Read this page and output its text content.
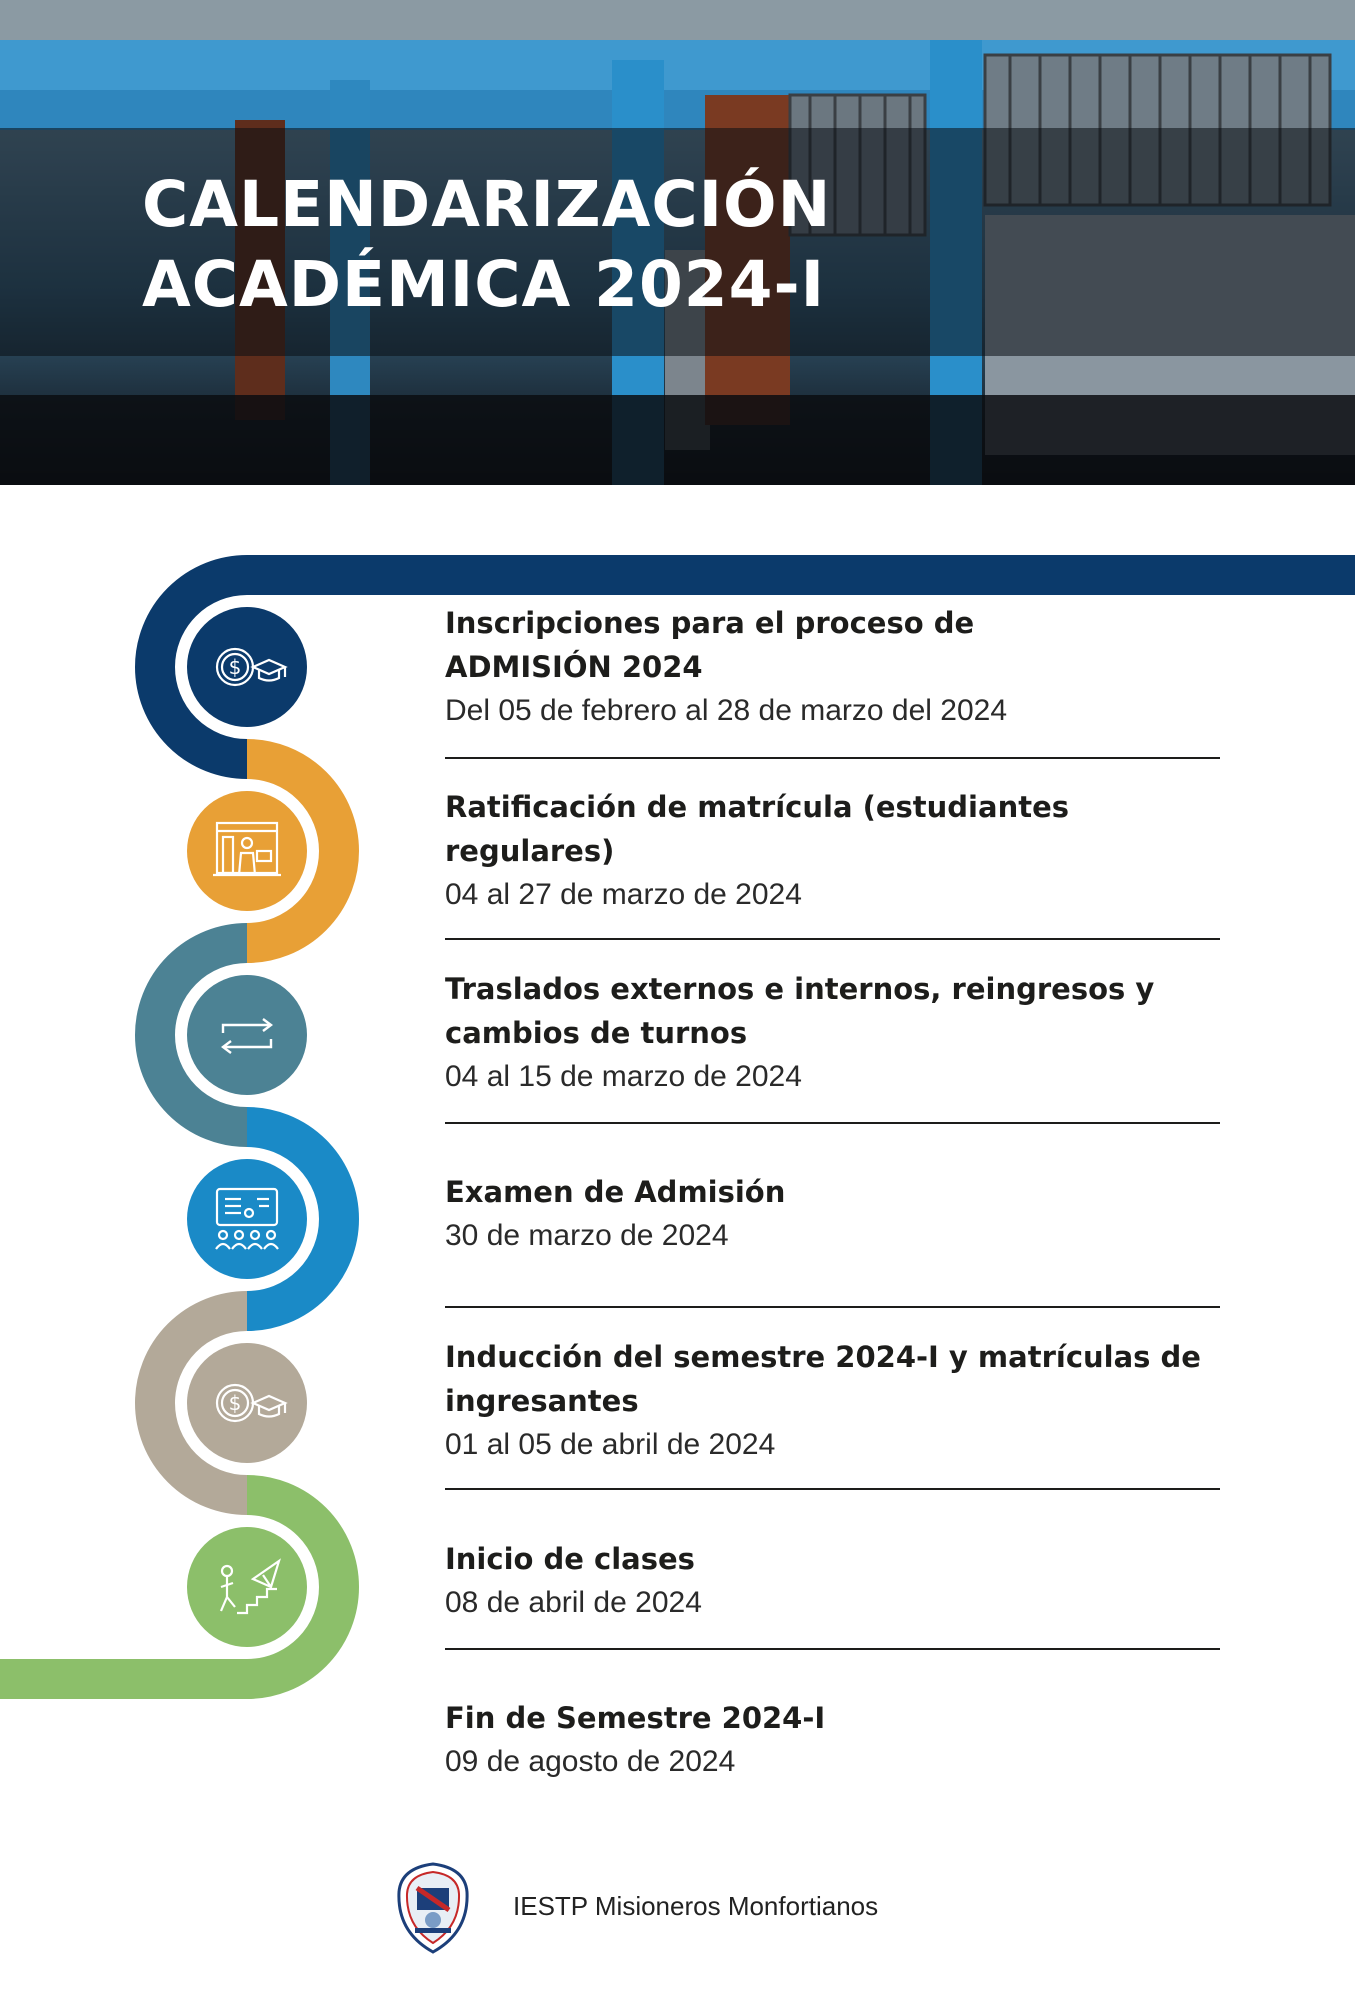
CALENDARIZACIÓN
ACADÉMICA 2024-I
$
$

Inscripciones para el proceso de ADMISIÓN 2024

Del 05 de febrero al 28 de marzo del 2024

Ratificación de matrícula (estudiantes regulares)

04 al 27 de marzo de 2024

Traslados externos e internos, reingresos y cambios de turnos

04 al 15 de marzo de 2024

Examen de Admisión

30 de marzo de 2024

Inducción del semestre 2024-I y matrículas de ingresantes

01 al 05 de abril de 2024

Inicio de clases

08 de abril de 2024

Fin de Semestre 2024-I

09 de agosto de 2024

IESTP Misioneros Monfortianos
